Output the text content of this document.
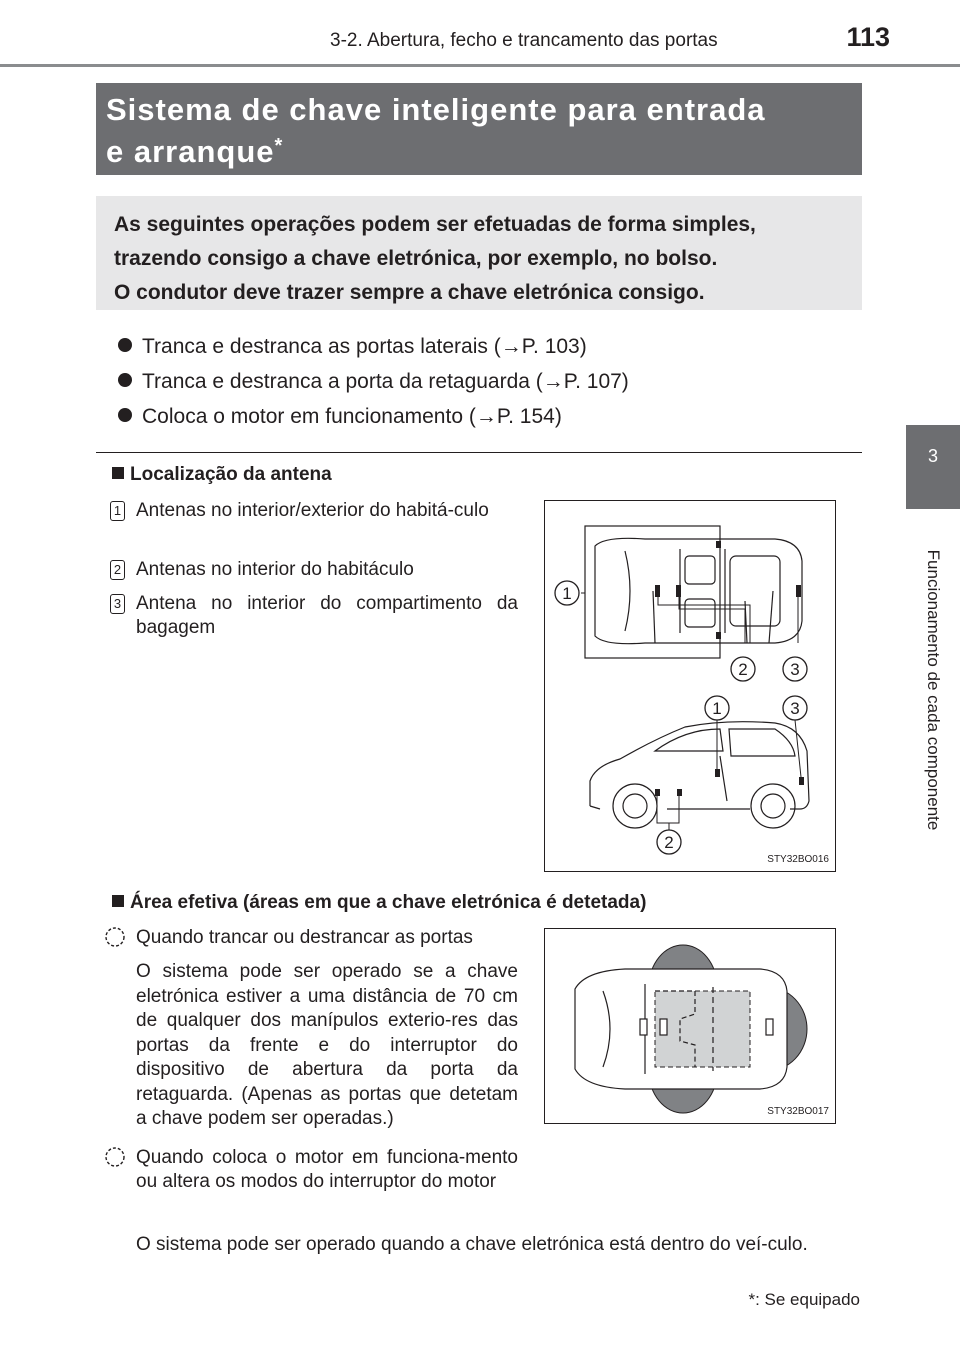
3-2. Abertura, fecho e trancamento das portas	113
3
Funcionamento de cada componente
Sistema de chave inteligente para entrada
e arranque*
As seguintes operações podem ser efetuadas de forma simples,
trazendo consigo a chave eletrónica, por exemplo, no bolso.
O condutor deve trazer sempre a chave eletrónica consigo.
Tranca e destranca as portas laterais (→P. 103)
Tranca e destranca a porta da retaguarda (→P. 107)
Coloca o motor em funcionamento (→P. 154)
Localização da antena
1 Antenas no interior/exterior do habitá-culo
2 Antenas no interior do habitáculo
3 Antena no interior do compartimento da bagagem
1
2	3
1	3
2
STY32BO016
Área efetiva (áreas em que a chave eletrónica é detetada)
Quando trancar ou destrancar as portas
O sistema pode ser operado se a chave eletrónica estiver a uma distância de 70 cm de qualquer dos manípulos exterio-res das portas da frente e do interruptor do dispositivo de abertura da porta da retaguarda. (Apenas as portas que detetam a chave podem ser operadas.)
Quando coloca o motor em funciona-mento ou altera os modos do interruptor do motor
O sistema pode ser operado quando a chave eletrónica está dentro do veí-culo.
STY32BO017
*: Se equipado
